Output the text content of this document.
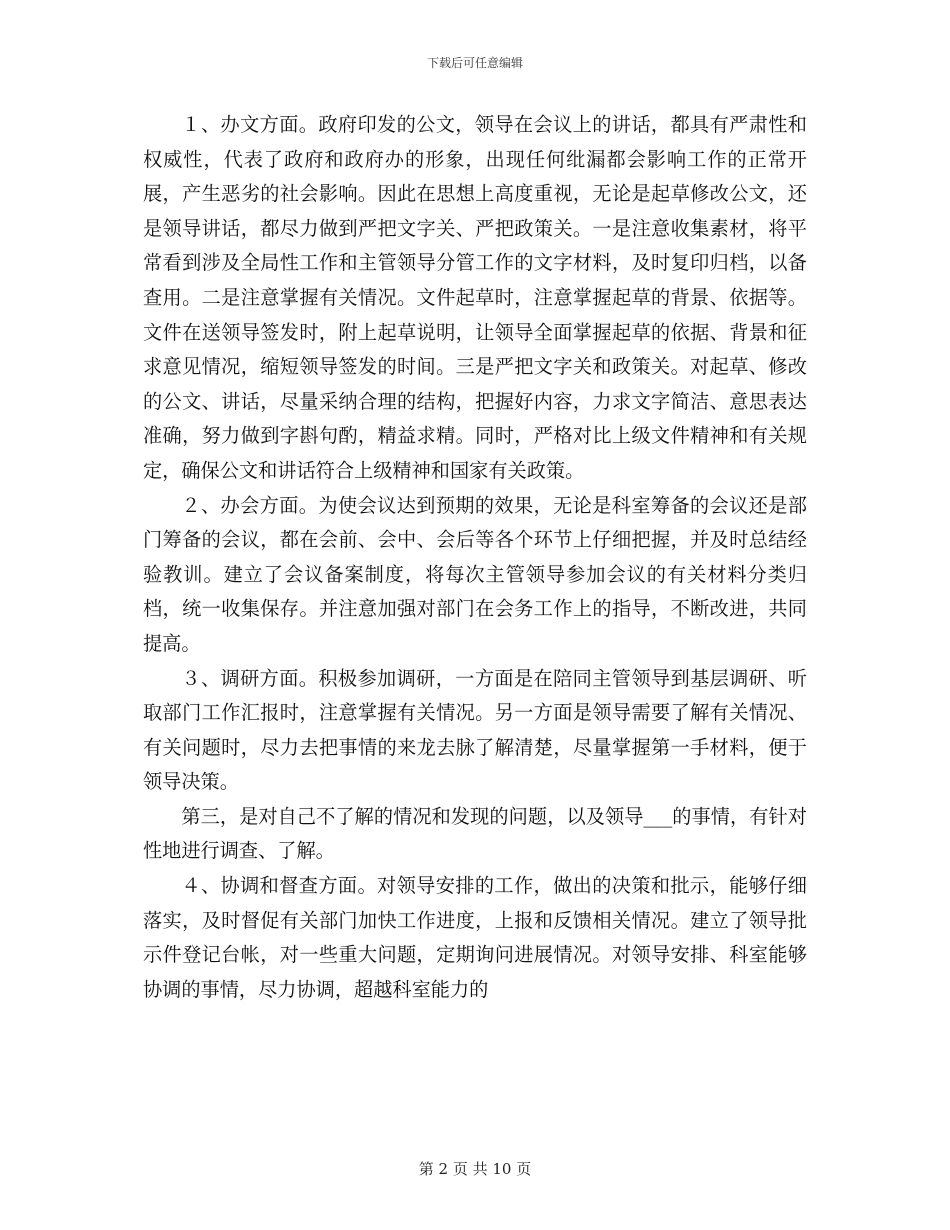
下载后可任意编辑

１、办文方面。政府印发的公文，领导在会议上的讲话，都具有严肃性和权威性，代表了政府和政府办的形象，出现任何纰漏都会影响工作的正常开展，产生恶劣的社会影响。因此在思想上高度重视，无论是起草修改公文，还是领导讲话，都尽力做到严把文字关、严把政策关。一是注意收集素材，将平常看到涉及全局性工作和主管领导分管工作的文字材料，及时复印归档，以备查用。二是注意掌握有关情况。文件起草时，注意掌握起草的背景、依据等。文件在送领导签发时，附上起草说明，让领导全面掌握起草的依据、背景和征求意见情况，缩短领导签发的时间。三是严把文字关和政策关。对起草、修改的公文、讲话，尽量采纳合理的结构，把握好内容，力求文字简洁、意思表达准确，努力做到字斟句酌，精益求精。同时，严格对比上级文件精神和有关规定，确保公文和讲话符合上级精神和国家有关政策。

２、办会方面。为使会议达到预期的效果，无论是科室筹备的会议还是部门筹备的会议，都在会前、会中、会后等各个环节上仔细把握，并及时总结经验教训。建立了会议备案制度，将每次主管领导参加会议的有关材料分类归档，统一收集保存。并注意加强对部门在会务工作上的指导，不断改进，共同提高。

３、调研方面。积极参加调研，一方面是在陪同主管领导到基层调研、听取部门工作汇报时，注意掌握有关情况。另一方面是领导需要了解有关情况、有关问题时，尽力去把事情的来龙去脉了解清楚，尽量掌握第一手材料，便于领导决策。

第三，是对自己不了解的情况和发现的问题，以及领导___的事情，有针对性地进行调查、了解。

４、协调和督查方面。对领导安排的工作，做出的决策和批示，能够仔细落实，及时督促有关部门加快工作进度，上报和反馈相关情况。建立了领导批示件登记台帐，对一些重大问题，定期询问进展情况。对领导安排、科室能够协调的事情，尽力协调，超越科室能力的

第 2 页 共 10 页
